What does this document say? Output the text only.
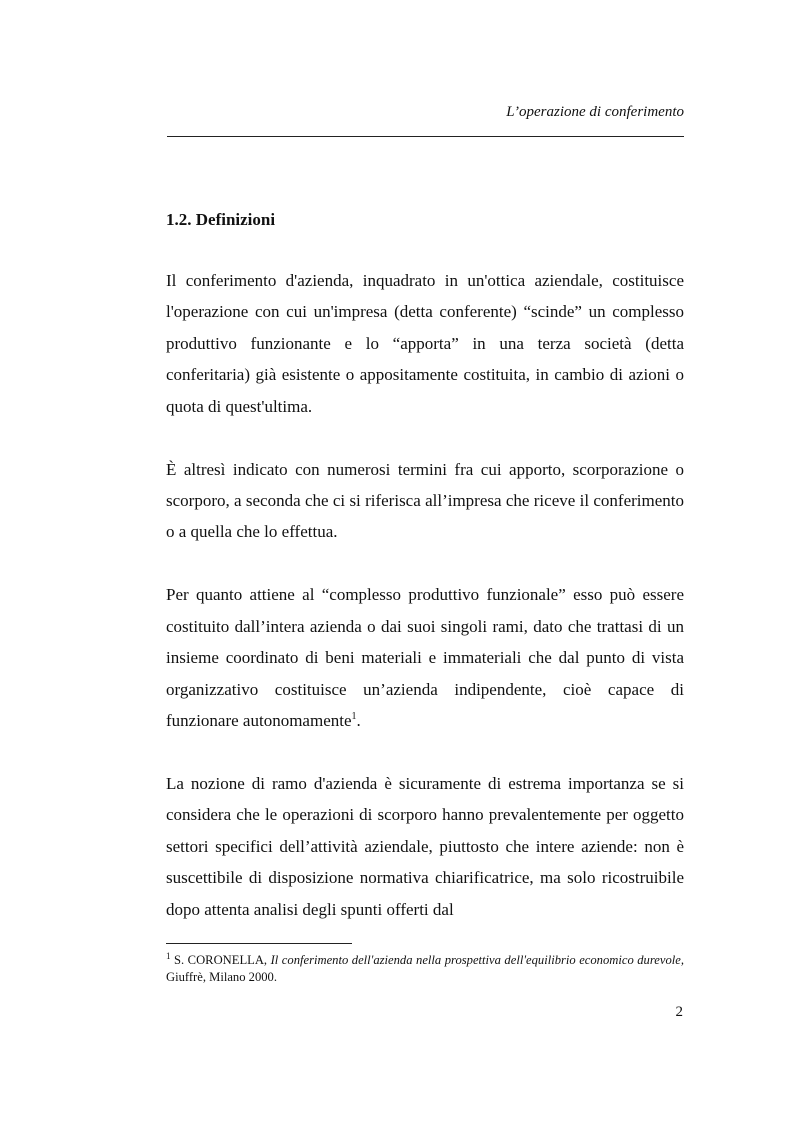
L’operazione di conferimento
1.2. Definizioni

Il conferimento d'azienda, inquadrato in un'ottica aziendale, costituisce l'operazione con cui un'impresa (detta conferente) “scinde” un complesso produttivo funzionante e lo “apporta” in una terza società (detta conferitaria) già esistente o appositamente costituita, in cambio di azioni o quota di quest'ultima.

È altresì indicato con numerosi termini fra cui apporto, scorporazione o scorporo, a seconda che ci si riferisca all’impresa che riceve il conferimento o a quella che lo effettua.

Per quanto attiene al “complesso produttivo funzionale” esso può essere costituito dall’intera azienda o dai suoi singoli rami, dato che trattasi di un insieme coordinato di beni materiali e immateriali che dal punto di vista organizzativo costituisce un’azienda indipendente, cioè capace di funzionare autonomamente$^1$.

La nozione di ramo d'azienda è sicuramente di estrema importanza se si considera che le operazioni di scorporo hanno prevalentemente per oggetto settori specifici dell’attività aziendale, piuttosto che intere aziende: non è suscettibile di disposizione normativa chiarificatrice, ma solo ricostruibile dopo attenta analisi degli spunti offerti dal

$^1$ S. CORONELLA, Il conferimento dell'azienda nella prospettiva dell'equilibrio economico durevole, Giuffrè, Milano 2000.
2
